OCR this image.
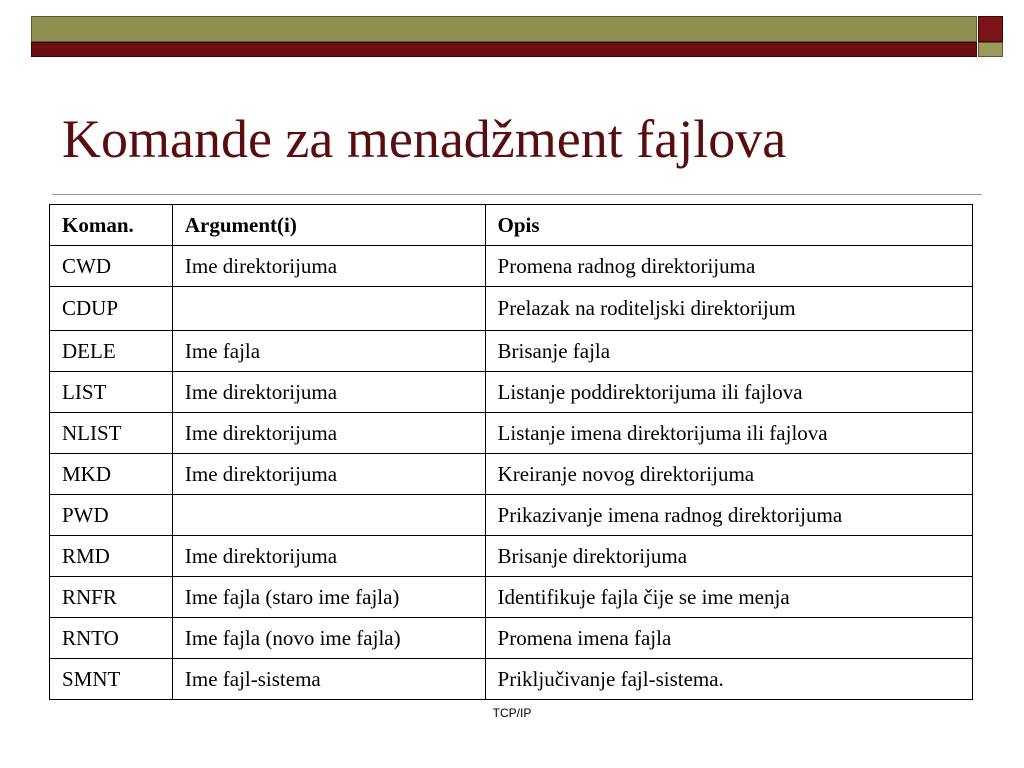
Komande za menadžment fajlova
Koman.	Argument(i)	Opis
CWD	Ime direktorijuma	Promena radnog direktorijuma
CDUP		Prelazak na roditeljski direktorijum
DELE	Ime fajla	Brisanje fajla
LIST	Ime direktorijuma	Listanje poddirektorijuma ili fajlova
NLIST	Ime direktorijuma	Listanje imena direktorijuma ili fajlova
MKD	Ime direktorijuma	Kreiranje novog direktorijuma
PWD		Prikazivanje imena radnog direktorijuma
RMD	Ime direktorijuma	Brisanje direktorijuma
RNFR	Ime fajla (staro ime fajla)	Identifikuje fajla čije se ime menja
RNTO	Ime fajla (novo ime fajla)	Promena imena fajla
SMNT	Ime fajl-sistema	Priključivanje fajl-sistema.
TCP/IP
